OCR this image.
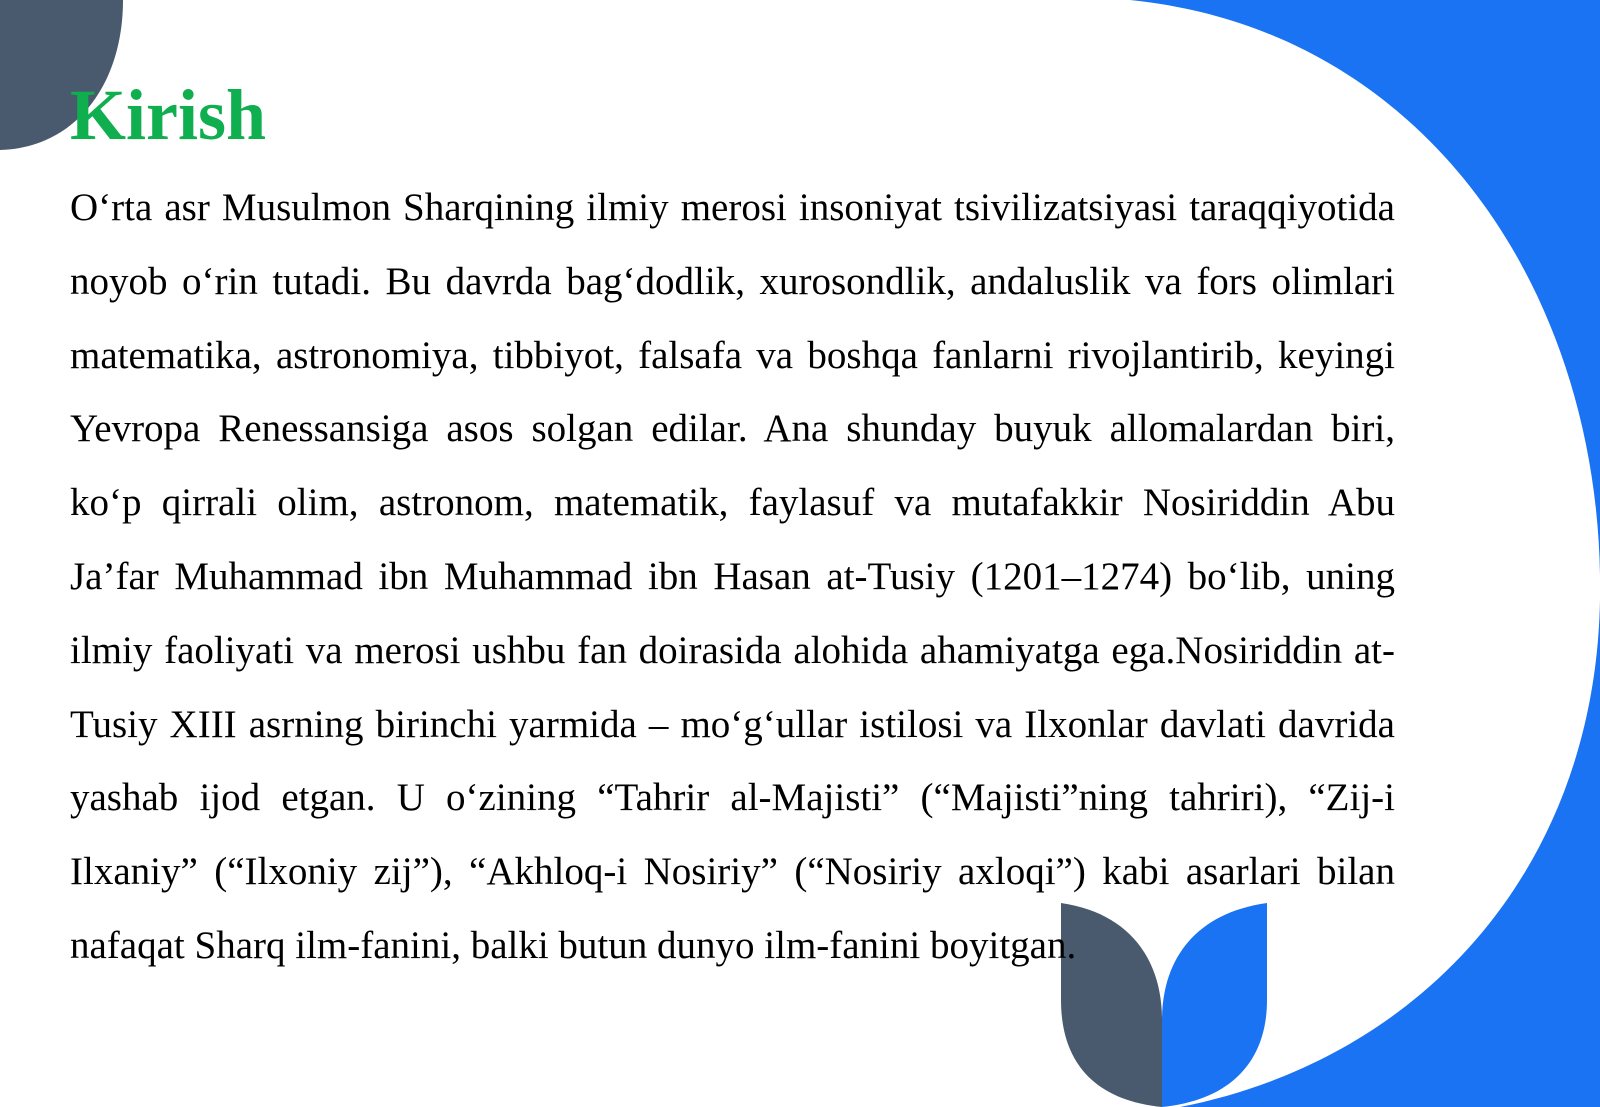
Kirish

O‘rta asr Musulmon Sharqining ilmiy merosi insoniyat tsivilizatsiyasi taraqqiyotida noyob o‘rin tutadi. Bu davrda bag‘dodlik, xurosondlik, andaluslik va fors olimlari matematika, astronomiya, tibbiyot, falsafa va boshqa fanlarni rivojlantirib, keyingi Yevropa Renessansiga asos solgan edilar. Ana shunday buyuk allomalardan biri, ko‘p qirrali olim, astronom, matematik, faylasuf va mutafakkir Nosiriddin Abu Ja’far Muhammad ibn Muhammad ibn Hasan at-Tusiy (1201–1274) bo‘lib, uning ilmiy faoliyati va merosi ushbu fan doirasida alohida ahamiyatga ega.Nosiriddin at-Tusiy XIII asrning birinchi yarmida – mo‘g‘ullar istilosi va Ilxonlar davlati davrida yashab ijod etgan. U o‘zining “Tahrir al-Majisti” (“Majisti”ning tahriri), “Zij-i Ilxaniy” (“Ilxoniy zij”), “Akhloq-i Nosiriy” (“Nosiriy axloqi”) kabi asarlari bilan nafaqat Sharq ilm-fanini, balki butun dunyo ilm-fanini boyitgan.
